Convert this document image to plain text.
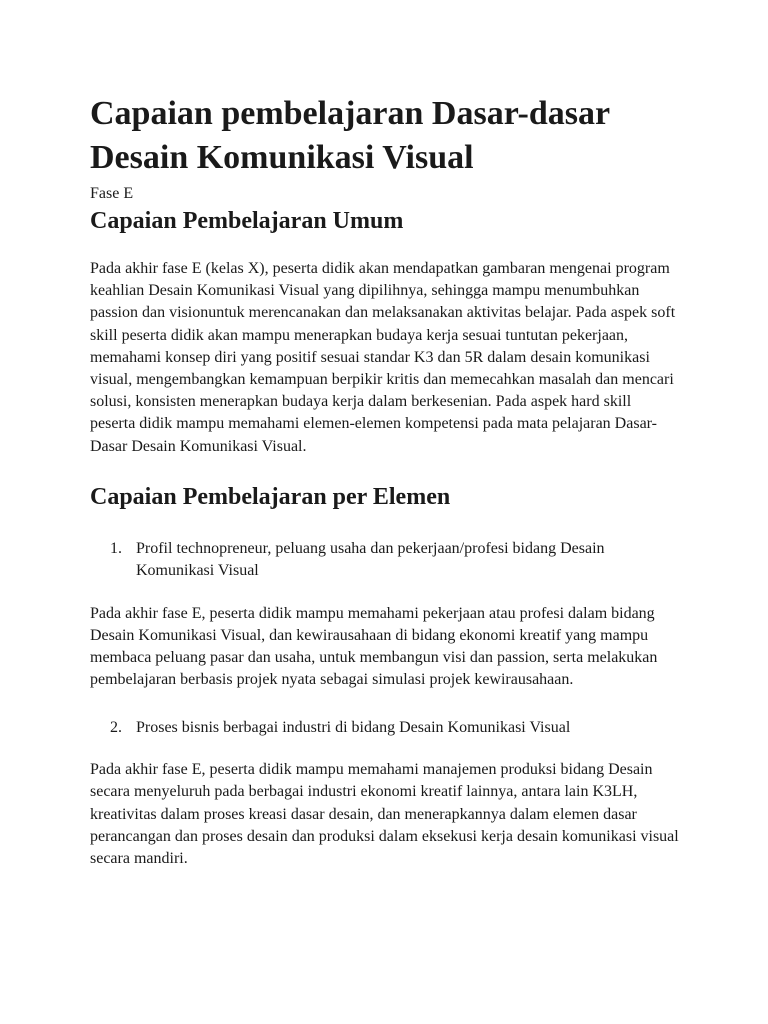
Capaian pembelajaran Dasar-dasar Desain Komunikasi Visual

Fase E

Capaian Pembelajaran Umum

Pada akhir fase E (kelas X), peserta didik akan mendapatkan gambaran mengenai program keahlian Desain Komunikasi Visual yang dipilihnya, sehingga mampu menumbuhkan passion dan visionuntuk merencanakan dan melaksanakan aktivitas belajar. Pada aspek soft skill peserta didik akan mampu menerapkan budaya kerja sesuai tuntutan pekerjaan, memahami konsep diri yang positif sesuai standar K3 dan 5R dalam desain komunikasi visual, mengembangkan kemampuan berpikir kritis dan memecahkan masalah dan mencari solusi, konsisten menerapkan budaya kerja dalam berkesenian. Pada aspek hard skill peserta didik mampu memahami elemen-elemen kompetensi pada mata pelajaran Dasar-Dasar Desain Komunikasi Visual.

Capaian Pembelajaran per Elemen
1. Profil technopreneur, peluang usaha dan pekerjaan/profesi bidang Desain Komunikasi Visual

Pada akhir fase E, peserta didik mampu memahami pekerjaan atau profesi dalam bidang Desain Komunikasi Visual, dan kewirausahaan di bidang ekonomi kreatif yang mampu membaca peluang pasar dan usaha, untuk membangun visi dan passion, serta melakukan pembelajaran berbasis projek nyata sebagai simulasi projek kewirausahaan.

2. Proses bisnis berbagai industri di bidang Desain Komunikasi Visual

Pada akhir fase E, peserta didik mampu memahami manajemen produksi bidang Desain secara menyeluruh pada berbagai industri ekonomi kreatif lainnya, antara lain K3LH, kreativitas dalam proses kreasi dasar desain, dan menerapkannya dalam elemen dasar perancangan dan proses desain dan produksi dalam eksekusi kerja desain komunikasi visual secara mandiri.
